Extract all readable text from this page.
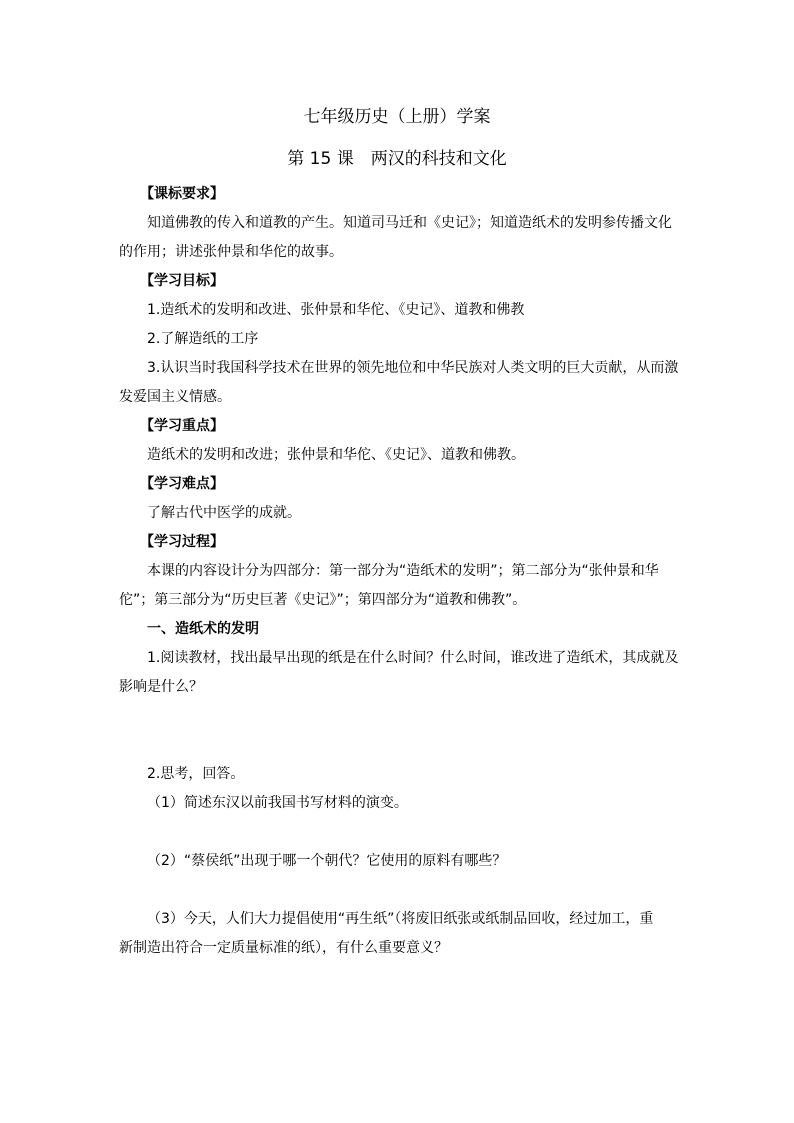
七年级历史（上册）学案
第 15 课　两汉的科技和文化
【课标要求】
知道佛教的传入和道教的产生。知道司马迁和《史记》；知道造纸术的发明参传播文化
的作用；讲述张仲景和华佗的故事。
【学习目标】
1.造纸术的发明和改进、张仲景和华佗、《史记》、道教和佛教
2.了解造纸的工序
3.认识当时我国科学技术在世界的领先地位和中华民族对人类文明的巨大贡献，从而激
发爱国主义情感。
【学习重点】
造纸术的发明和改进；张仲景和华佗、《史记》、道教和佛教。
【学习难点】
了解古代中医学的成就。
【学习过程】
本课的内容设计分为四部分：第一部分为“造纸术的发明”；第二部分为“张仲景和华
佗”；第三部分为“历史巨著《史记》”；第四部分为“道教和佛教”。
一、造纸术的发明
1.阅读教材，找出最早出现的纸是在什么时间？什么时间，谁改进了造纸术，其成就及
影响是什么？
2.思考，回答。
（1）简述东汉以前我国书写材料的演变。
（2）“蔡侯纸”出现于哪一个朝代？它使用的原料有哪些？
（3）今天，人们大力提倡使用“再生纸”（将废旧纸张或纸制品回收，经过加工，重
新制造出符合一定质量标准的纸），有什么重要意义？
